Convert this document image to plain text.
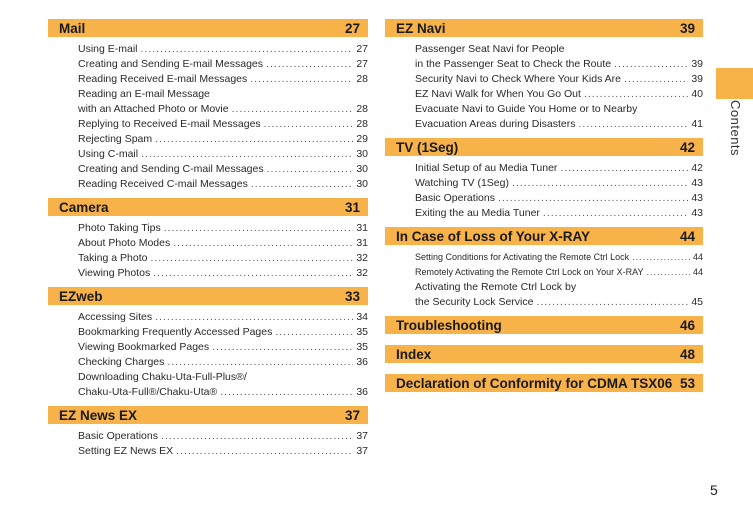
Mail	27
Using E-mail .....	27
Creating and Sending E-mail Messages .....	27
Reading Received E-mail Messages .....	28
Reading an E-mail Message
with an Attached Photo or Movie .....	28
Replying to Received E-mail Messages .....	28
Rejecting Spam .....	29
Using C-mail .....	30
Creating and Sending C-mail Messages .....	30
Reading Received C-mail Messages .....	30
Camera	31
Photo Taking Tips .....	31
About Photo Modes .....	31
Taking a Photo .....	32
Viewing Photos .....	32
EZweb	33
Accessing Sites .....	34
Bookmarking Frequently Accessed Pages .....	35
Viewing Bookmarked Pages .....	35
Checking Charges .....	36
Downloading Chaku-Uta-Full-Plus®/
Chaku-Uta-Full®/Chaku-Uta® .....	36
EZ News EX	37
Basic Operations .....	37
Setting EZ News EX .....	37
EZ Navi	39
Passenger Seat Navi for People
in the Passenger Seat to Check the Route .....	39
Security Navi to Check Where Your Kids Are .....	39
EZ Navi Walk for When You Go Out .....	40
Evacuate Navi to Guide You Home or to Nearby
Evacuation Areas during Disasters .....	41
TV (1Seg)	42
Initial Setup of au Media Tuner .....	42
Watching TV (1Seg) .....	43
Basic Operations .....	43
Exiting the au Media Tuner .....	43
In Case of Loss of Your X-RAY	44
Setting Conditions for Activating the Remote Ctrl Lock .....	44
Remotely Activating the Remote Ctrl Lock on Your X-RAY .....	44
Activating the Remote Ctrl Lock by
the Security Lock Service .....	45
Troubleshooting	46
Index	48
Declaration of Conformity for CDMA TSX06 53
Contents
5
